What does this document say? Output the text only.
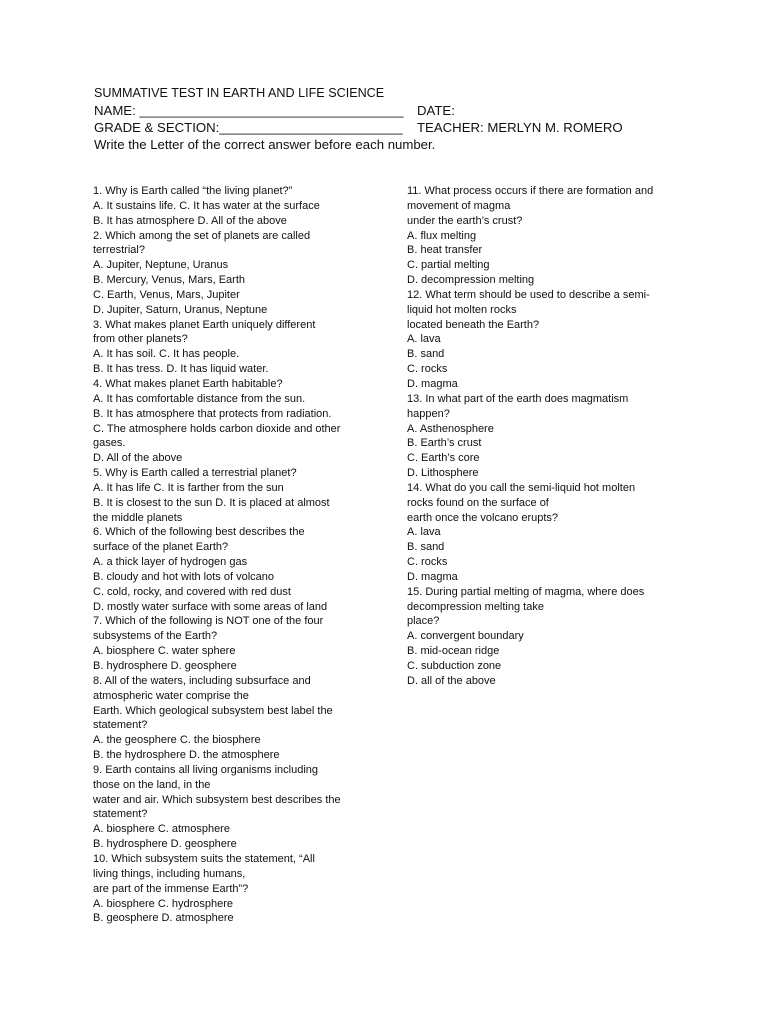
SUMMATIVE TEST IN EARTH AND LIFE SCIENCE
NAME: ____________________________________ DATE:
GRADE & SECTION:_________________________ TEACHER: MERLYN M. ROMERO
Write the Letter of the correct answer before each number.
1. Why is Earth called “the living planet?”
A. It sustains life. C. It has water at the surface
B. It has atmosphere D. All of the above
2. Which among the set of planets are called
terrestrial?
A. Jupiter, Neptune, Uranus
B. Mercury, Venus, Mars, Earth
C. Earth, Venus, Mars, Jupiter
D. Jupiter, Saturn, Uranus, Neptune
3. What makes planet Earth uniquely different
from other planets?
A. It has soil. C. It has people.
B. It has tress. D. It has liquid water.
4. What makes planet Earth habitable?
A. It has comfortable distance from the sun.
B. It has atmosphere that protects from radiation.
C. The atmosphere holds carbon dioxide and other
gases.
D. All of the above
5. Why is Earth called a terrestrial planet?
A. It has life C. It is farther from the sun
B. It is closest to the sun D. It is placed at almost
the middle planets
6. Which of the following best describes the
surface of the planet Earth?
A. a thick layer of hydrogen gas
B. cloudy and hot with lots of volcano
C. cold, rocky, and covered with red dust
D. mostly water surface with some areas of land
7. Which of the following is NOT one of the four
subsystems of the Earth?
A. biosphere C. water sphere
B. hydrosphere D. geosphere
8. All of the waters, including subsurface and
atmospheric water comprise the
Earth. Which geological subsystem best label the
statement?
A. the geosphere C. the biosphere
B. the hydrosphere D. the atmosphere
9. Earth contains all living organisms including
those on the land, in the
water and air. Which subsystem best describes the
statement?
A. biosphere C. atmosphere
B. hydrosphere D. geosphere
10. Which subsystem suits the statement, “All
living things, including humans,
are part of the immense Earth”?
A. biosphere C. hydrosphere
B. geosphere D. atmosphere
11. What process occurs if there are formation and
movement of magma
under the earth’s crust?
A. flux melting
B. heat transfer
C. partial melting
D. decompression melting
12. What term should be used to describe a semi-
liquid hot molten rocks
located beneath the Earth?
A. lava
B. sand
C. rocks
D. magma
13. In what part of the earth does magmatism
happen?
A. Asthenosphere
B. Earth’s crust
C. Earth’s core
D. Lithosphere
14. What do you call the semi-liquid hot molten
rocks found on the surface of
earth once the volcano erupts?
A. lava
B. sand
C. rocks
D. magma
15. During partial melting of magma, where does
decompression melting take
place?
A. convergent boundary
B. mid-ocean ridge
C. subduction zone
D. all of the above
